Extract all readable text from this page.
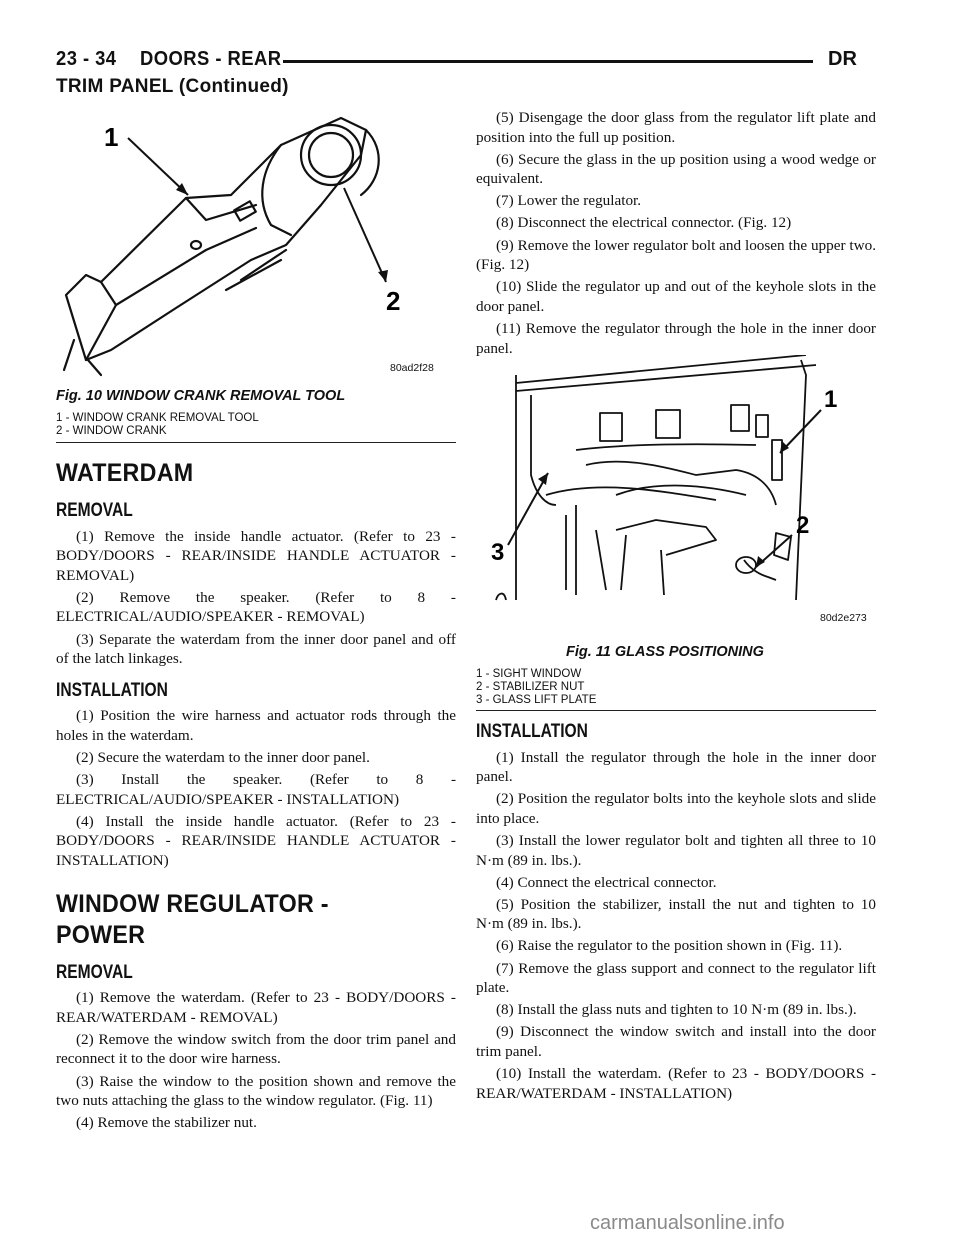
23 - 34 DOORS - REAR	DR
TRIM PANEL (Continued)
1
2
80ad2f28
Fig. 10 WINDOW CRANK REMOVAL TOOL
1 - WINDOW CRANK REMOVAL TOOL
2 - WINDOW CRANK
WATERDAM
REMOVAL

(1) Remove the inside handle actuator. (Refer to 23 - BODY/DOORS - REAR/INSIDE HANDLE ACTUATOR - REMOVAL)

(2) Remove the speaker. (Refer to 8 - ELECTRICAL/AUDIO/SPEAKER - REMOVAL)

(3) Separate the waterdam from the inner door panel and off of the latch linkages.

INSTALLATION

(1) Position the wire harness and actuator rods through the holes in the waterdam.

(2) Secure the waterdam to the inner door panel.

(3) Install the speaker. (Refer to 8 - ELECTRICAL/AUDIO/SPEAKER - INSTALLATION)

(4) Install the inside handle actuator. (Refer to 23 - BODY/DOORS - REAR/INSIDE HANDLE ACTUATOR - INSTALLATION)

WINDOW REGULATOR -
POWER
REMOVAL

(1) Remove the waterdam. (Refer to 23 - BODY/DOORS - REAR/WATERDAM - REMOVAL)

(2) Remove the window switch from the door trim panel and reconnect it to the door wire harness.

(3) Raise the window to the position shown and remove the two nuts attaching the glass to the window regulator. (Fig. 11)

(4) Remove the stabilizer nut.

(5) Disengage the door glass from the regulator lift plate and position into the full up position.

(6) Secure the glass in the up position using a wood wedge or equivalent.

(7) Lower the regulator.

(8) Disconnect the electrical connector. (Fig. 12)

(9) Remove the lower regulator bolt and loosen the upper two. (Fig. 12)

(10) Slide the regulator up and out of the keyhole slots in the door panel.

(11) Remove the regulator through the hole in the inner door panel.

1
2
3
80d2e273
Fig. 11 GLASS POSITIONING
1 - SIGHT WINDOW
2 - STABILIZER NUT
3 - GLASS LIFT PLATE
INSTALLATION

(1) Install the regulator through the hole in the inner door panel.

(2) Position the regulator bolts into the keyhole slots and slide into place.

(3) Install the lower regulator bolt and tighten all three to 10 N·m (89 in. lbs.).

(4) Connect the electrical connector.

(5) Position the stabilizer, install the nut and tighten to 10 N·m (89 in. lbs.).

(6) Raise the regulator to the position shown in (Fig. 11).

(7) Remove the glass support and connect to the regulator lift plate.

(8) Install the glass nuts and tighten to 10 N·m (89 in. lbs.).

(9) Disconnect the window switch and install into the door trim panel.

(10) Install the waterdam. (Refer to 23 - BODY/DOORS - REAR/WATERDAM - INSTALLATION)

carmanualsonline.info
